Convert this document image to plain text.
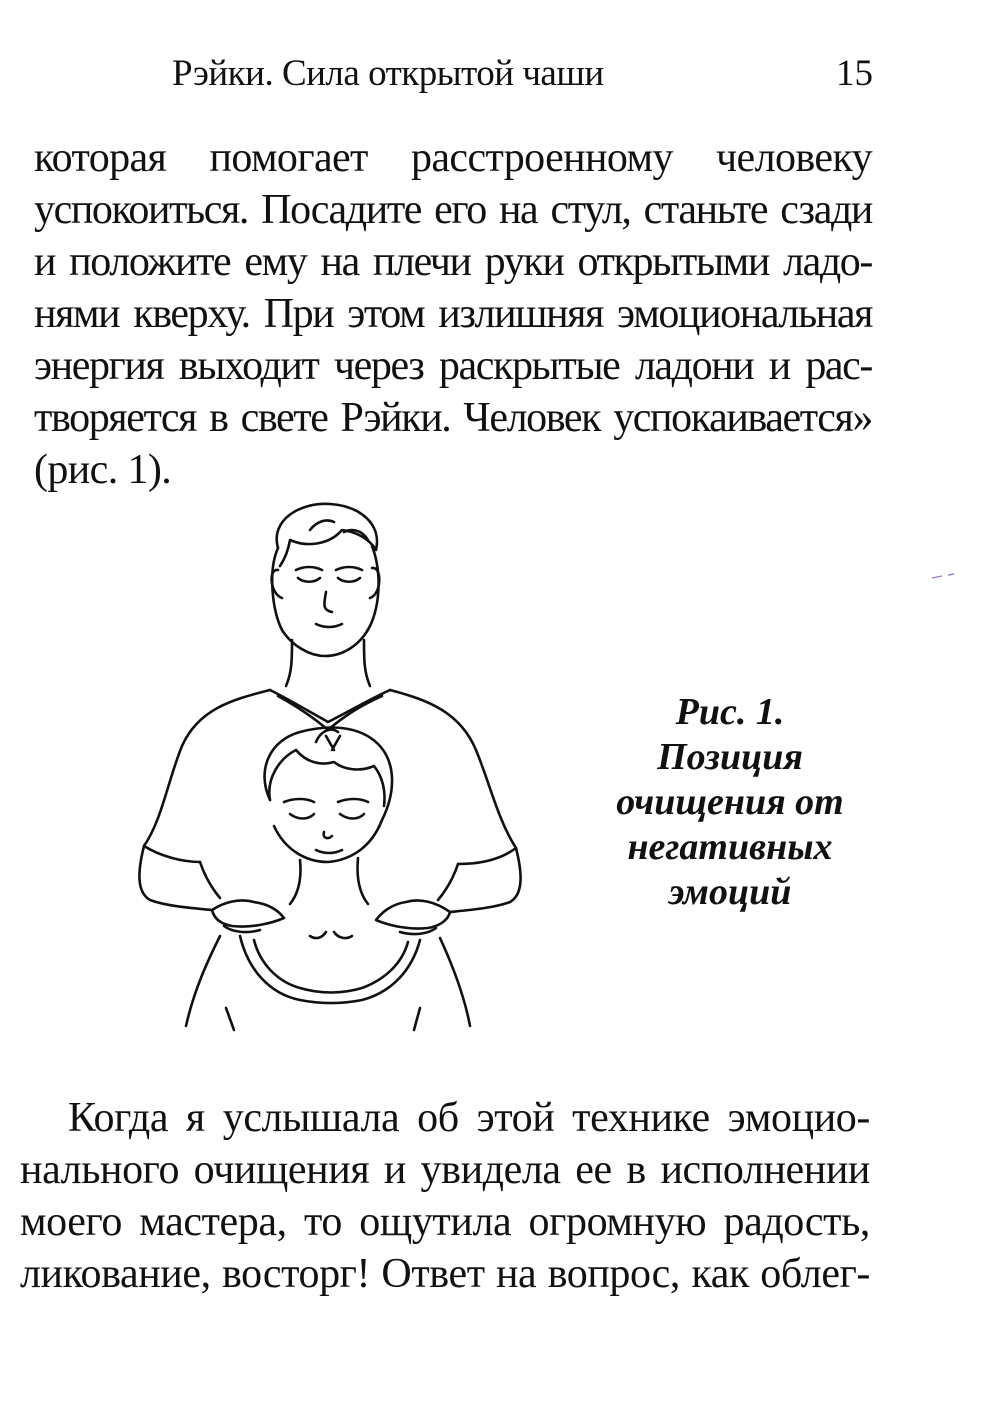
Рэйки. Сила открытой чаши	15
которая помогает расстроенному человеку
успокоиться. Посадите его на стул, станьте сзади
и положите ему на плечи руки открытыми ладо-
нями кверху. При этом излишняя эмоциональная
энергия выходит через раскрытые ладони и рас-
творяется в свете Рэйки. Человек успокаивается»
(рис. 1).
Рис. 1.
Позиция
очищения от
негативных
эмоций
Когда я услышала об этой технике эмоцио-
нального очищения и увидела ее в исполнении
моего мастера, то ощутила огромную радость,
ликование, восторг! Ответ на вопрос, как облег-
